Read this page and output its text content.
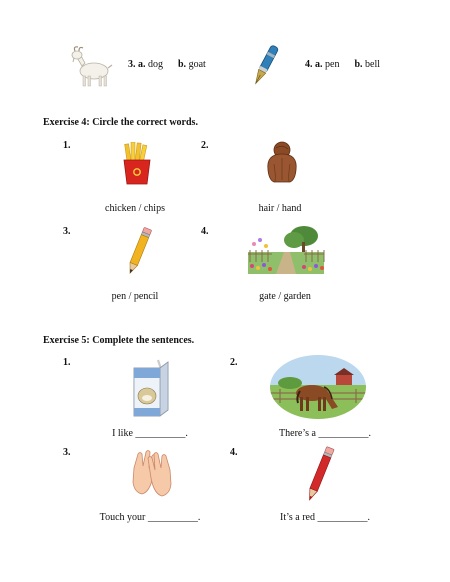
3. a. dog b. goat	4. a. pen b. bell
Exercise 4: Circle the correct words.
1.
chicken / chips
2.
hair / hand
3.
pen / pencil
4.
gate / garden
Exercise 5: Complete the sentences.
1.
I like __________.
2.
There’s a __________.
3.
Touch your __________.
4.
It’s a red __________.
